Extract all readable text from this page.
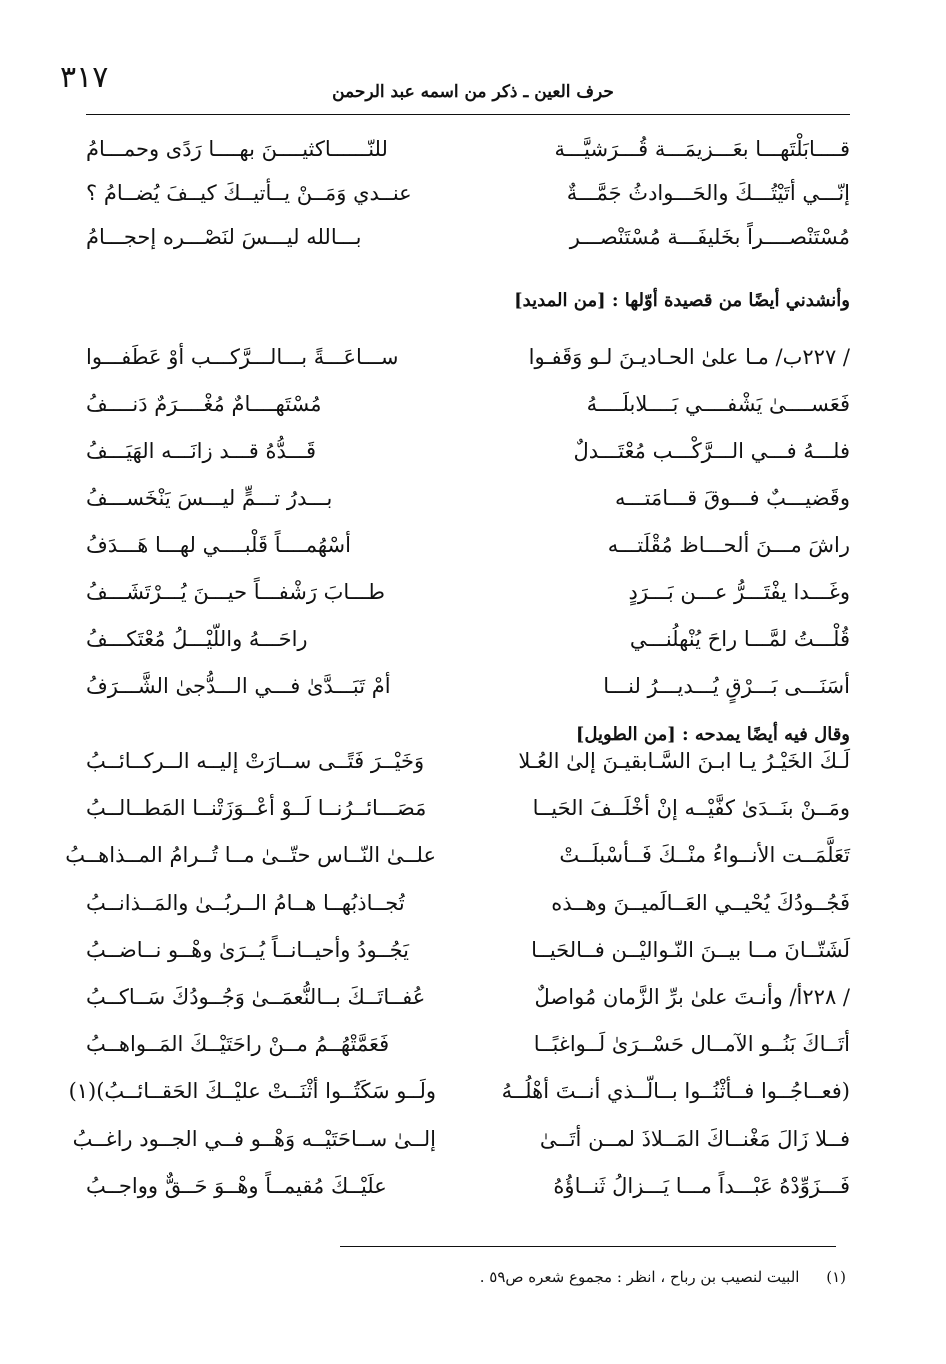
٣١٧	حرف العين ـ ذكر من اسمه عبد الرحمن
قــــابَلْتَهـــا بعَـــزيمَـــة قُـــرَشيَّـــة
للنّــــــاكثيــــنَ بهــــا رَدًى وحمـــامُ
إنّـــي أتَيْتُـــكَ والحَـــوادثُ جَمَّـــةٌ
عنــدي وَمَــنْ يــأتيــكَ كيــفَ يُضــامُ ؟
مُسْتَنْصــــراً بخَليفَـــة مُسْتَنْصـــر
بـــالله ليـــسَ لنَصْـــره إحجـــامُ
وأنشدني أيضًا من قصيدة أوّلها : [من المديد]
/ ٢٢٧ب/ مـا علىٰ الحـاديـنَ لـو وَقَفـوا
ســـاعَـــةً بـــالـــرَّكـــب أوْ عَطَفـــوا
فَعَســــىٰ يَشْفــــي بَــــلابلَــــهُ
مُسْتَهــــامٌ مُغْــــرَمٌ دَنــــفُ
فلـــهُ فـــي الـــرَّكْـــب مُعْتَـــدلٌ
قَـــدُّهُ قـــد زانَـــه الهَيَـــفُ
وقَضيـــبٌ فـــوقَ قـــامَتـــه
بـــدرُ تـــمٍّ ليـــسَ يَنْخَســـفُ
راشَ مـــنَ ألحـــاظ مُقْلَتـــه
أسْهُمــــاً قَلْبــــي لهـــا هَـــدَفُ
وغَـــدا يفْتَـــرُّ عـــن بَـــرَدٍ
طـــابَ رَشْفـــاً حيـــنَ يُـــرْتَشَـــفُ
قُلْـــتُ لمَّـــا راحَ يُنْهلُنـــي
راحَـــهُ واللّيْـــلُ مُعْتَكـــفُ
أسَنَـــى بَـــرْقٍ يُـــديـــرُ لنـــا
أمْ تَبَـــدَّىٰ فـــي الـــدُّجىٰ الشَّـــرَفُ
وقال فيه أيضًا يمدحه : [من الطويل]
لَـكَ الخَيْـرُ يـا ابـنَ السَّـابقيـنَ إلىٰ العُـلا
وَخَيْــرَ فَتًــى ســارَتْ إليــه الــركــائــبُ
ومَــنْ بنَــدَىٰ كفَّيْــه إنْ أخْلَــفَ الحَيــا
مَصَـــائــرُنــا لَــوْ أعْــوَزَتْنــا المَطــالــبُ
تَعَلَّمَــت الأنــواءُ منْــكَ فَــأسْبلَــتْ
علــىٰ النّــاس حتّــىٰ مــا تُــرامُ المــذاهــبُ
فَجُــودُكَ يُحْيــي العَــالَميــنَ وهــذه
تُجــاذبُهــا هــامُ الــربُــىٰ والمَــذانــبُ
لَشَتّــانَ مــا بيــنَ النّـواليْــن فــالحَيــا
يَجُــودُ وأحيــانــاً يُــرَىٰ وهْــو نــاضــبُ
/ ٢٢٨أ/ وأنـتَ علىٰ برِّ الزَّمان مُواصلٌ
عُفــاتَــكَ بــالنُّعمَــىٰ وَجُــودُكَ سَــاكــبُ
أتَــاكَ بَنُــو الآمــال حَسْــرَىٰ لَــواغبًــا
فَعَمَّتْهُــمُ مــنْ راحَتَيْــكَ المَــواهــبُ
(فعــاجُــوا فــأثْنُــوا بــالّــذي أنــتَ أهْلُــهُ
ولَــو سَكَتُــوا أثْنَــتْ عليْــكَ الحَقــائــبُ)(١)
فــلا زَالَ مَغْنــاكَ المَــلاذَ لمــن أتَــىٰ
إلــىٰ ســاحَتَيْــه وَهْــو فــي الجــود راغــبُ
فَـــزَوِّدْهُ عَبْـــداً مـــا يَـــزالُ ثَنــاؤُهُ
علَيْــكَ مُقيمــاً وهْــوَ حَــقٌّ وواجــبُ
(١) البيت لنصيب بن رباح ، انظر : مجموع شعره ص٥٩ .
